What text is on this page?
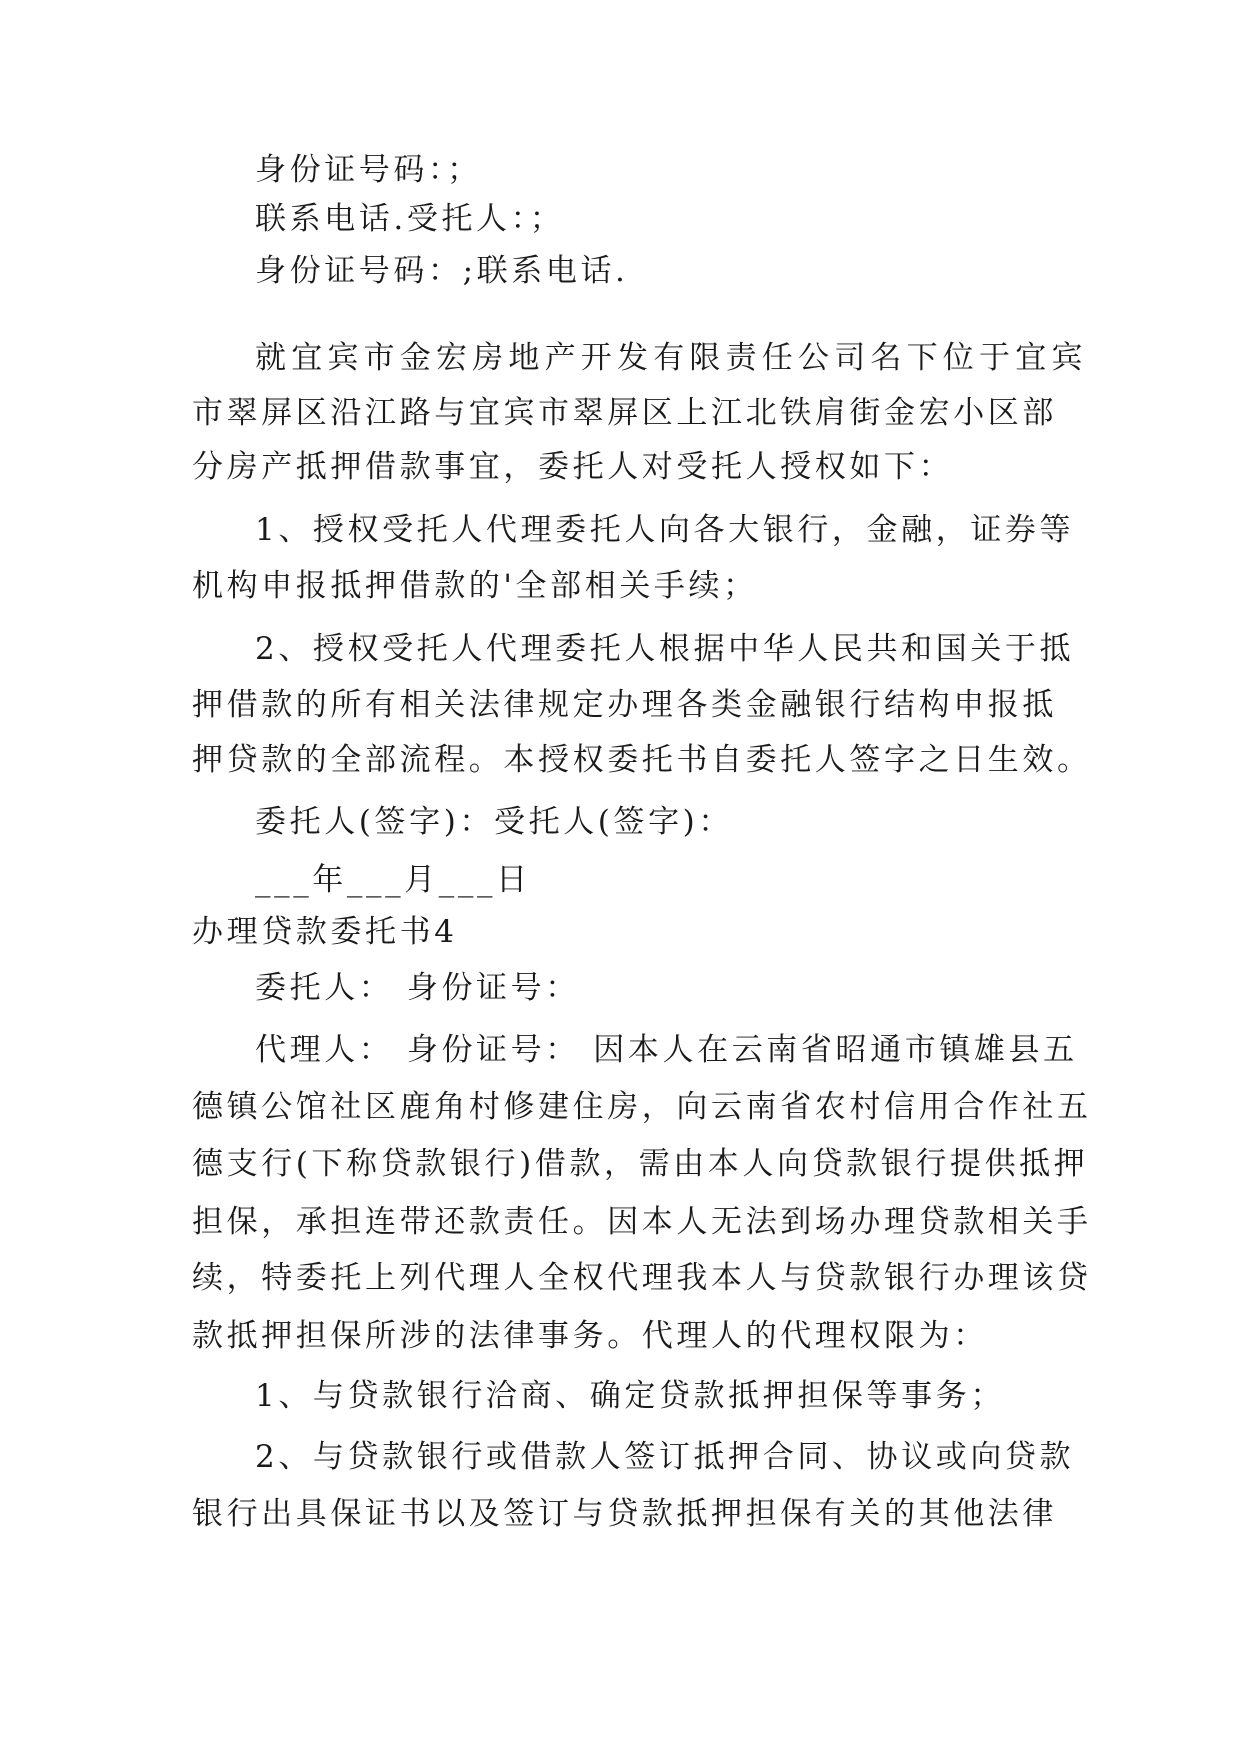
身份证号码：；
联系电话.受托人：；
身份证号码：;联系电话.
就宜宾市金宏房地产开发有限责任公司名下位于宜宾
市翠屏区沿江路与宜宾市翠屏区上江北铁肩街金宏小区部
分房产抵押借款事宜，委托人对受托人授权如下：
1、授权受托人代理委托人向各大银行，金融，证券等
机构申报抵押借款的'全部相关手续；
2、授权受托人代理委托人根据中华人民共和国关于抵
押借款的所有相关法律规定办理各类金融银行结构申报抵
押贷款的全部流程。本授权委托书自委托人签字之日生效。
委托人(签字)：受托人(签字)：
___年___月___日
办理贷款委托书4
委托人： 身份证号：
代理人： 身份证号： 因本人在云南省昭通市镇雄县五
德镇公馆社区鹿角村修建住房，向云南省农村信用合作社五
德支行(下称贷款银行)借款，需由本人向贷款银行提供抵押
担保，承担连带还款责任。因本人无法到场办理贷款相关手
续，特委托上列代理人全权代理我本人与贷款银行办理该贷
款抵押担保所涉的法律事务。代理人的代理权限为：
1、与贷款银行洽商、确定贷款抵押担保等事务；
2、与贷款银行或借款人签订抵押合同、协议或向贷款
银行出具保证书以及签订与贷款抵押担保有关的其他法律
